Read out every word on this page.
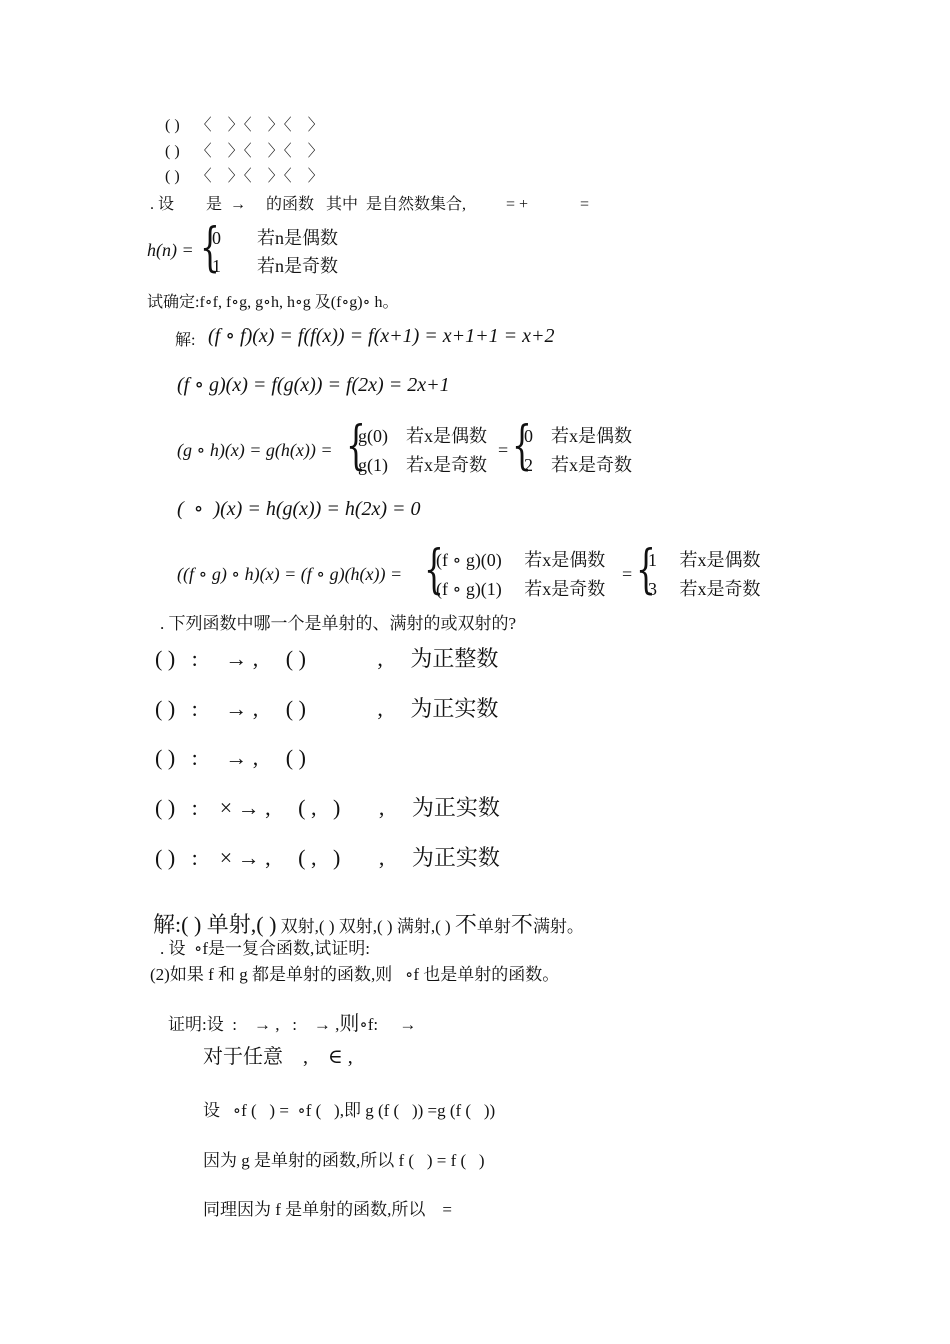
( )    〈    〉〈    〉〈    〉
( )    〈    〉〈    〉〈    〉
( )    〈    〉〈    〉〈    〉
. 设        是  →     的函数   其中  是自然数集合,          = +             =
h(n) = {
0        若n是偶数
1        若n是奇数
试确定:f∘f, f∘g, g∘h, h∘g 及(f∘g)∘ h。
解: (f ∘ f)(x) = f(f(x)) = f(x+1) = x+1+1 = x+2
(f ∘ g)(x) = f(g(x)) = f(2x) = 2x+1
(g ∘ h)(x) = g(h(x)) = {
g(0)    若x是偶数
g(1)    若x是奇数
= {
0    若x是偶数
2    若x是奇数
(  ∘  )(x) = h(g(x)) = h(2x) = 0
((f ∘ g) ∘ h)(x) = (f ∘ g)(h(x)) = {
(f ∘ g)(0)     若x是偶数
(f ∘ g)(1)     若x是奇数
= {
1     若x是偶数
3     若x是奇数
. 下列函数中哪一个是单射的、满射的或双射的?
( )   :     → ,     ( )             ,     为正整数
( )   :     → ,     ( )             ,     为正实数
( )   :     → ,     ( )
( )   :    × → ,     ( ,   )       ,     为正实数
( )   :    × → ,     ( ,   )       ,     为正实数

解:( ) 单射,( ) 双射,( ) 双射,( ) 满射,( ) 不单射不满射。

. 设  ∘f是一复合函数,试证明:
(2)如果 f 和 g 都是单射的函数,则   ∘f 也是单射的函数。

证明:设  :    → ,   :    → ,则∘f:     →

对于任意    ,    ∈ ,
设   ∘f (   ) =  ∘f (   ),即 g (f (   )) =g (f (   ))
因为 g 是单射的函数,所以 f (   ) = f (   )
同理因为 f 是单射的函数,所以    =
